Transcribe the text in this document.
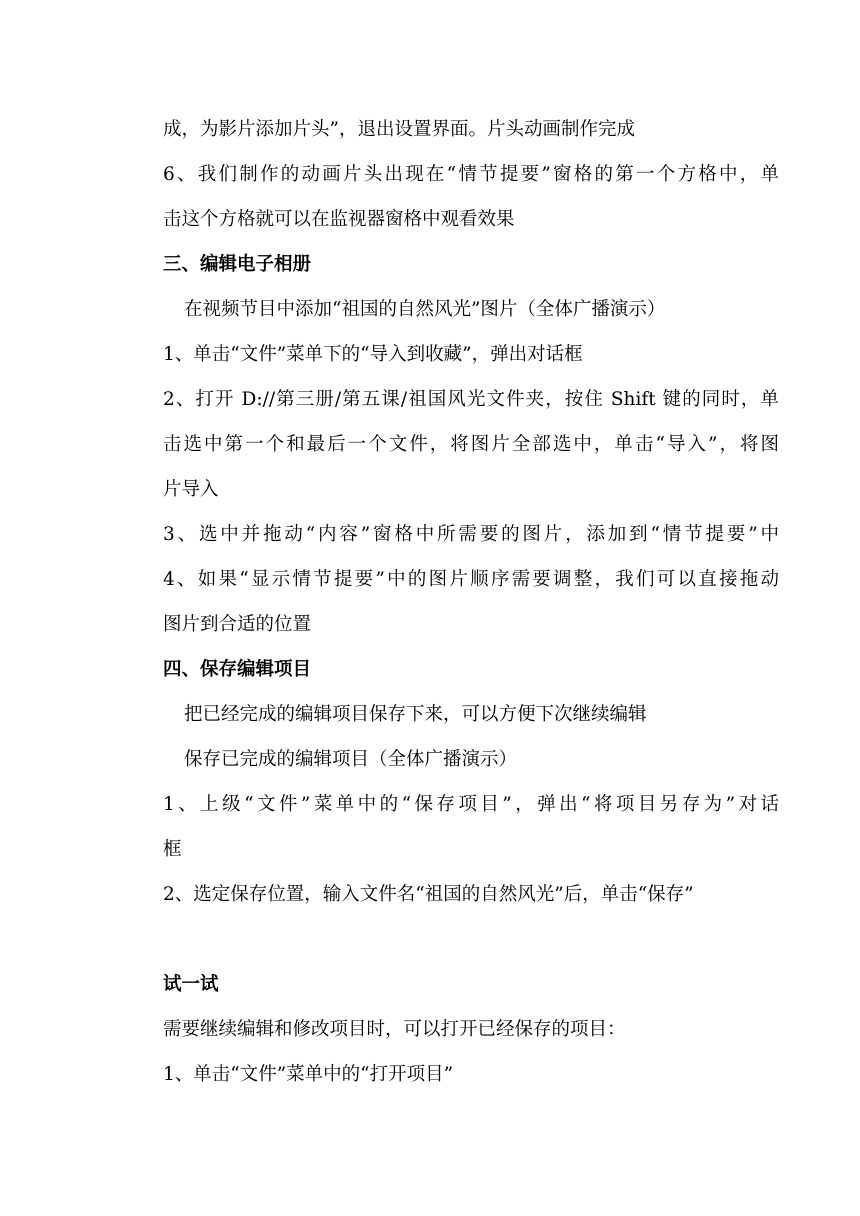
成，为影片添加片头”，退出设置界面。片头动画制作完成
6、我们制作的动画片头出现在“情节提要”窗格的第一个方格中，单
击这个方格就可以在监视器窗格中观看效果
三、编辑电子相册
在视频节目中添加“祖国的自然风光”图片（全体广播演示）
1、单击“文件”菜单下的“导入到收藏”，弹出对话框
2、打开 D://第三册/第五课/祖国风光文件夹，按住 Shift 键的同时，单
击选中第一个和最后一个文件，将图片全部选中，单击“导入”，将图
片导入
3、选中并拖动“内容”窗格中所需要的图片，添加到“情节提要”中
4、如果“显示情节提要”中的图片顺序需要调整，我们可以直接拖动
图片到合适的位置
四、保存编辑项目
把已经完成的编辑项目保存下来，可以方便下次继续编辑
保存已完成的编辑项目（全体广播演示）
1、上级“文件”菜单中的“保存项目”，弹出“将项目另存为”对话
框
2、选定保存位置，输入文件名“祖国的自然风光”后，单击“保存”
试一试
需要继续编辑和修改项目时，可以打开已经保存的项目：
1、单击“文件”菜单中的“打开项目”
